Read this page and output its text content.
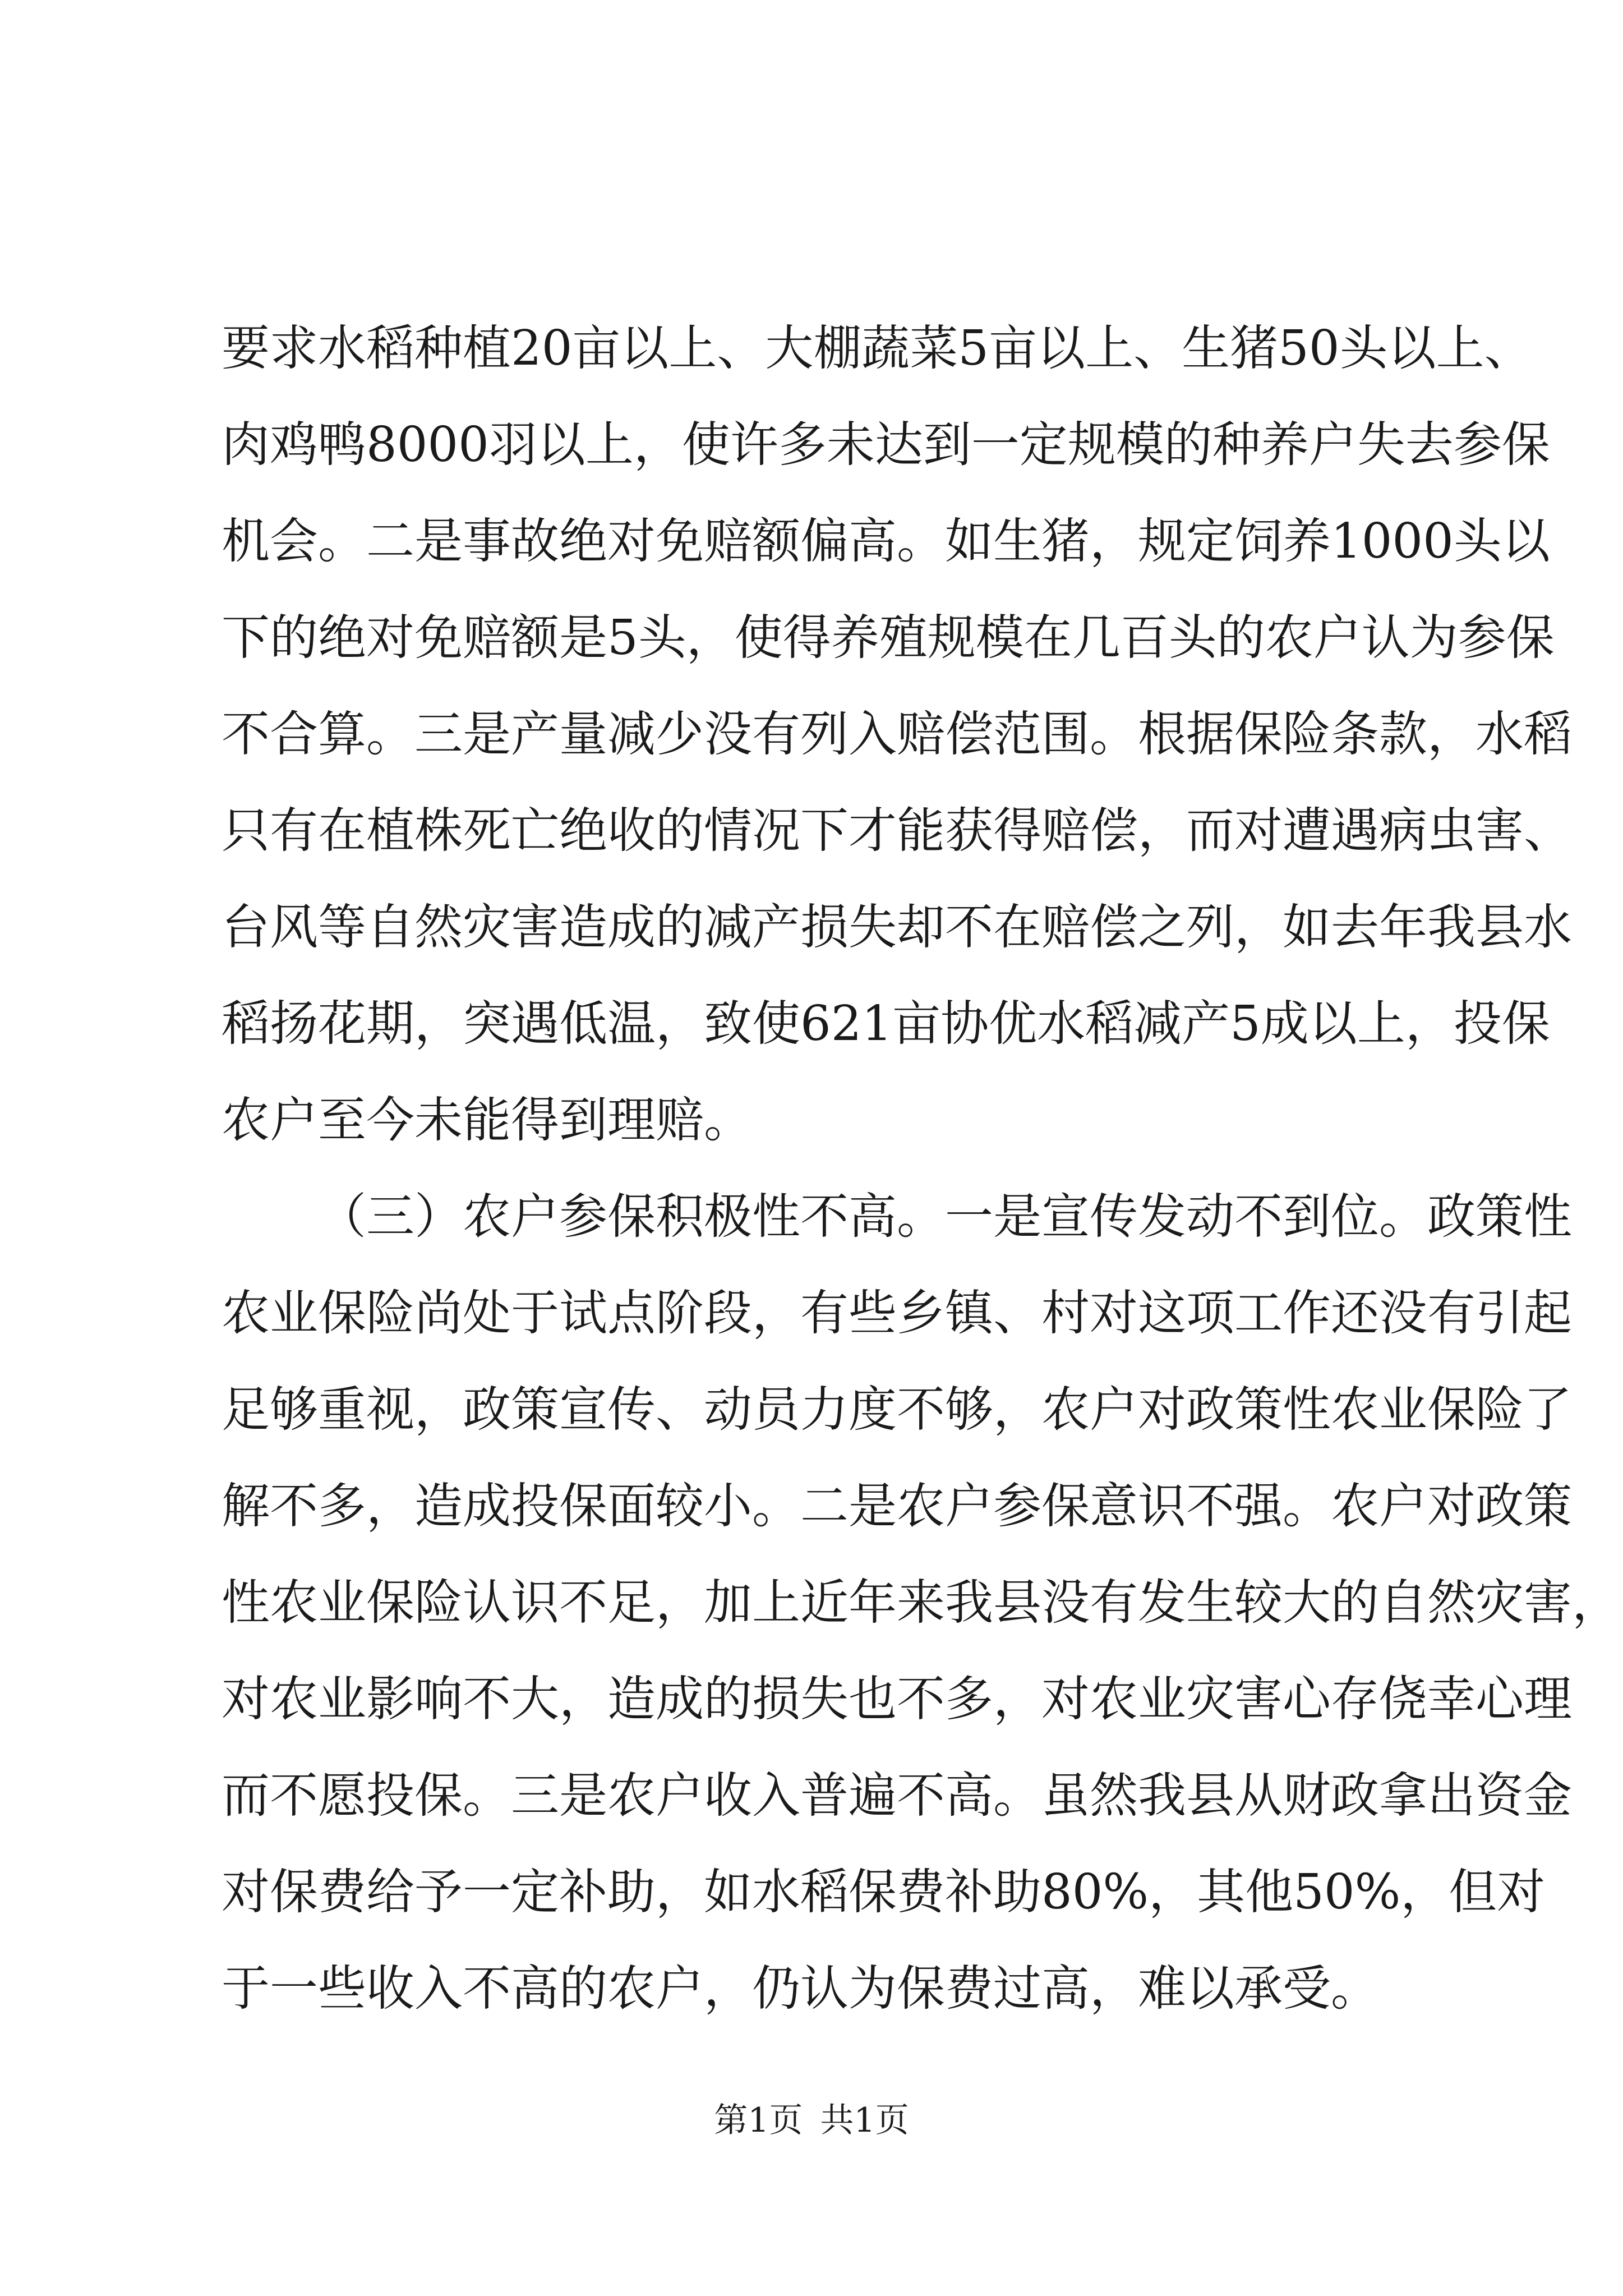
要求水稻种植20亩以上、大棚蔬菜5亩以上、生猪50头以上、
肉鸡鸭8000羽以上，使许多未达到一定规模的种养户失去参保
机会。二是事故绝对免赔额偏高。如生猪，规定饲养1000头以
下的绝对免赔额是5头，使得养殖规模在几百头的农户认为参保
不合算。三是产量减少没有列入赔偿范围。根据保险条款，水稻
只有在植株死亡绝收的情况下才能获得赔偿，而对遭遇病虫害、
台风等自然灾害造成的减产损失却不在赔偿之列，如去年我县水
稻扬花期，突遇低温，致使621亩协优水稻减产5成以上，投保
农户至今未能得到理赔。
（三）农户参保积极性不高。一是宣传发动不到位。政策性
农业保险尚处于试点阶段，有些乡镇、村对这项工作还没有引起
足够重视，政策宣传、动员力度不够，农户对政策性农业保险了
解不多，造成投保面较小。二是农户参保意识不强。农户对政策
性农业保险认识不足，加上近年来我县没有发生较大的自然灾害，
对农业影响不大，造成的损失也不多，对农业灾害心存侥幸心理
而不愿投保。三是农户收入普遍不高。虽然我县从财政拿出资金
对保费给予一定补助，如水稻保费补助80%，其他50%，但对
于一些收入不高的农户，仍认为保费过高，难以承受。
第1页 共1页
